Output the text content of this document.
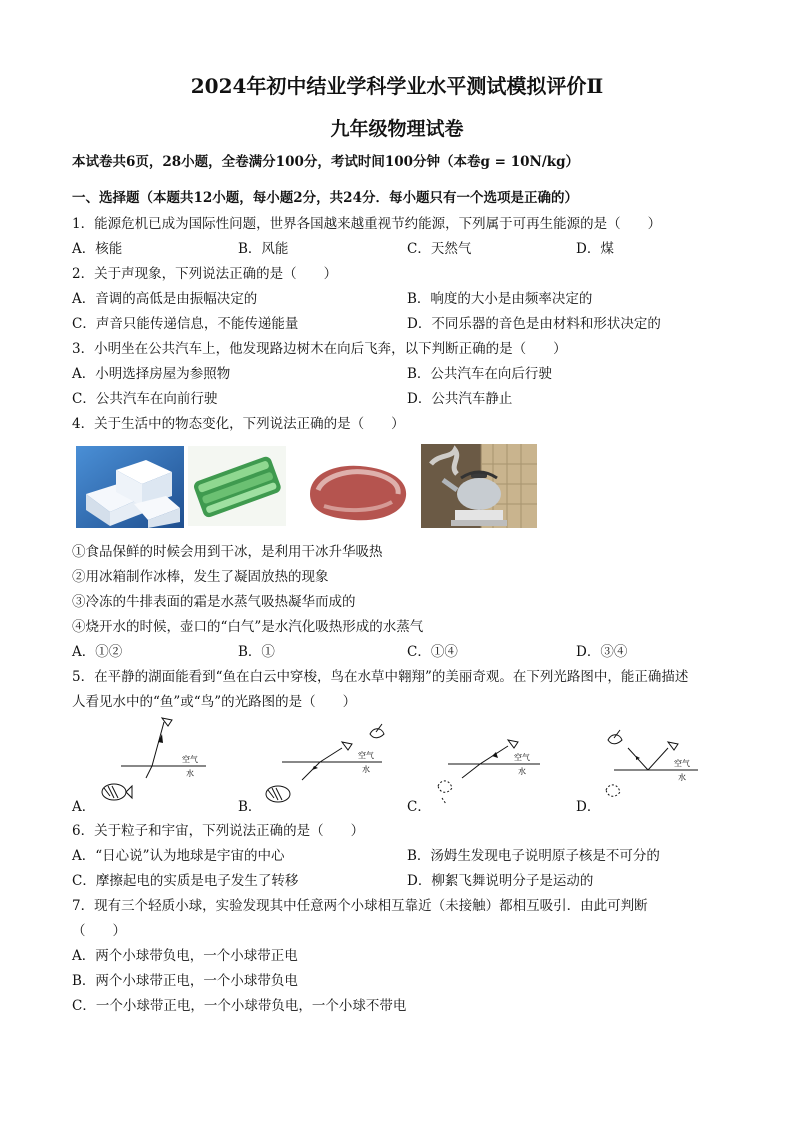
2024年初中结业学科学业水平测试模拟评价Ⅱ
九年级物理试卷
本试卷共6页，28小题，全卷满分100分，考试时间100分钟（本卷g = 10N/kg）
一、选择题（本题共12小题，每小题2分，共24分．每小题只有一个选项是正确的）
1．能源危机已成为国际性问题，世界各国越来越重视节约能源，下列属于可再生能源的是（　　）
A．核能	B．风能	C．天然气	D．煤
2．关于声现象，下列说法正确的是（　　）
A．音调的高低是由振幅决定的	B．响度的大小是由频率决定的
C．声音只能传递信息，不能传递能量	D．不同乐器的音色是由材料和形状决定的
3．小明坐在公共汽车上，他发现路边树木在向后飞奔，以下判断正确的是（　　）
A．小明选择房屋为参照物	B．公共汽车在向后行驶
C．公共汽车在向前行驶	D．公共汽车静止
4．关于生活中的物态变化，下列说法正确的是（　　）
①食品保鲜的时候会用到干冰，是利用干冰升华吸热
②用冰箱制作冰棒，发生了凝固放热的现象
③冷冻的牛排表面的霜是水蒸气吸热凝华而成的
④烧开水的时候，壶口的“白气”是水汽化吸热形成的水蒸气
A．①②	B．①	C．①④	D．③④
5．在平静的湖面能看到“鱼在白云中穿梭，鸟在水草中翱翔”的美丽奇观。在下列光路图中，能正确描述
人看见水中的“鱼”或“鸟”的光路图的是（　　）
空气
水
A．
空气
水
B．
空气
水
C．
空气
水
D．
6．关于粒子和宇宙，下列说法正确的是（　　）
A．“日心说”认为地球是宇宙的中心	B．汤姆生发现电子说明原子核是不可分的
C．摩擦起电的实质是电子发生了转移	D．柳絮飞舞说明分子是运动的
7．现有三个轻质小球，实验发现其中任意两个小球相互靠近（未接触）都相互吸引．由此可判断
（　　）
A．两个小球带负电，一个小球带正电
B．两个小球带正电，一个小球带负电
C．一个小球带正电，一个小球带负电，一个小球不带电
